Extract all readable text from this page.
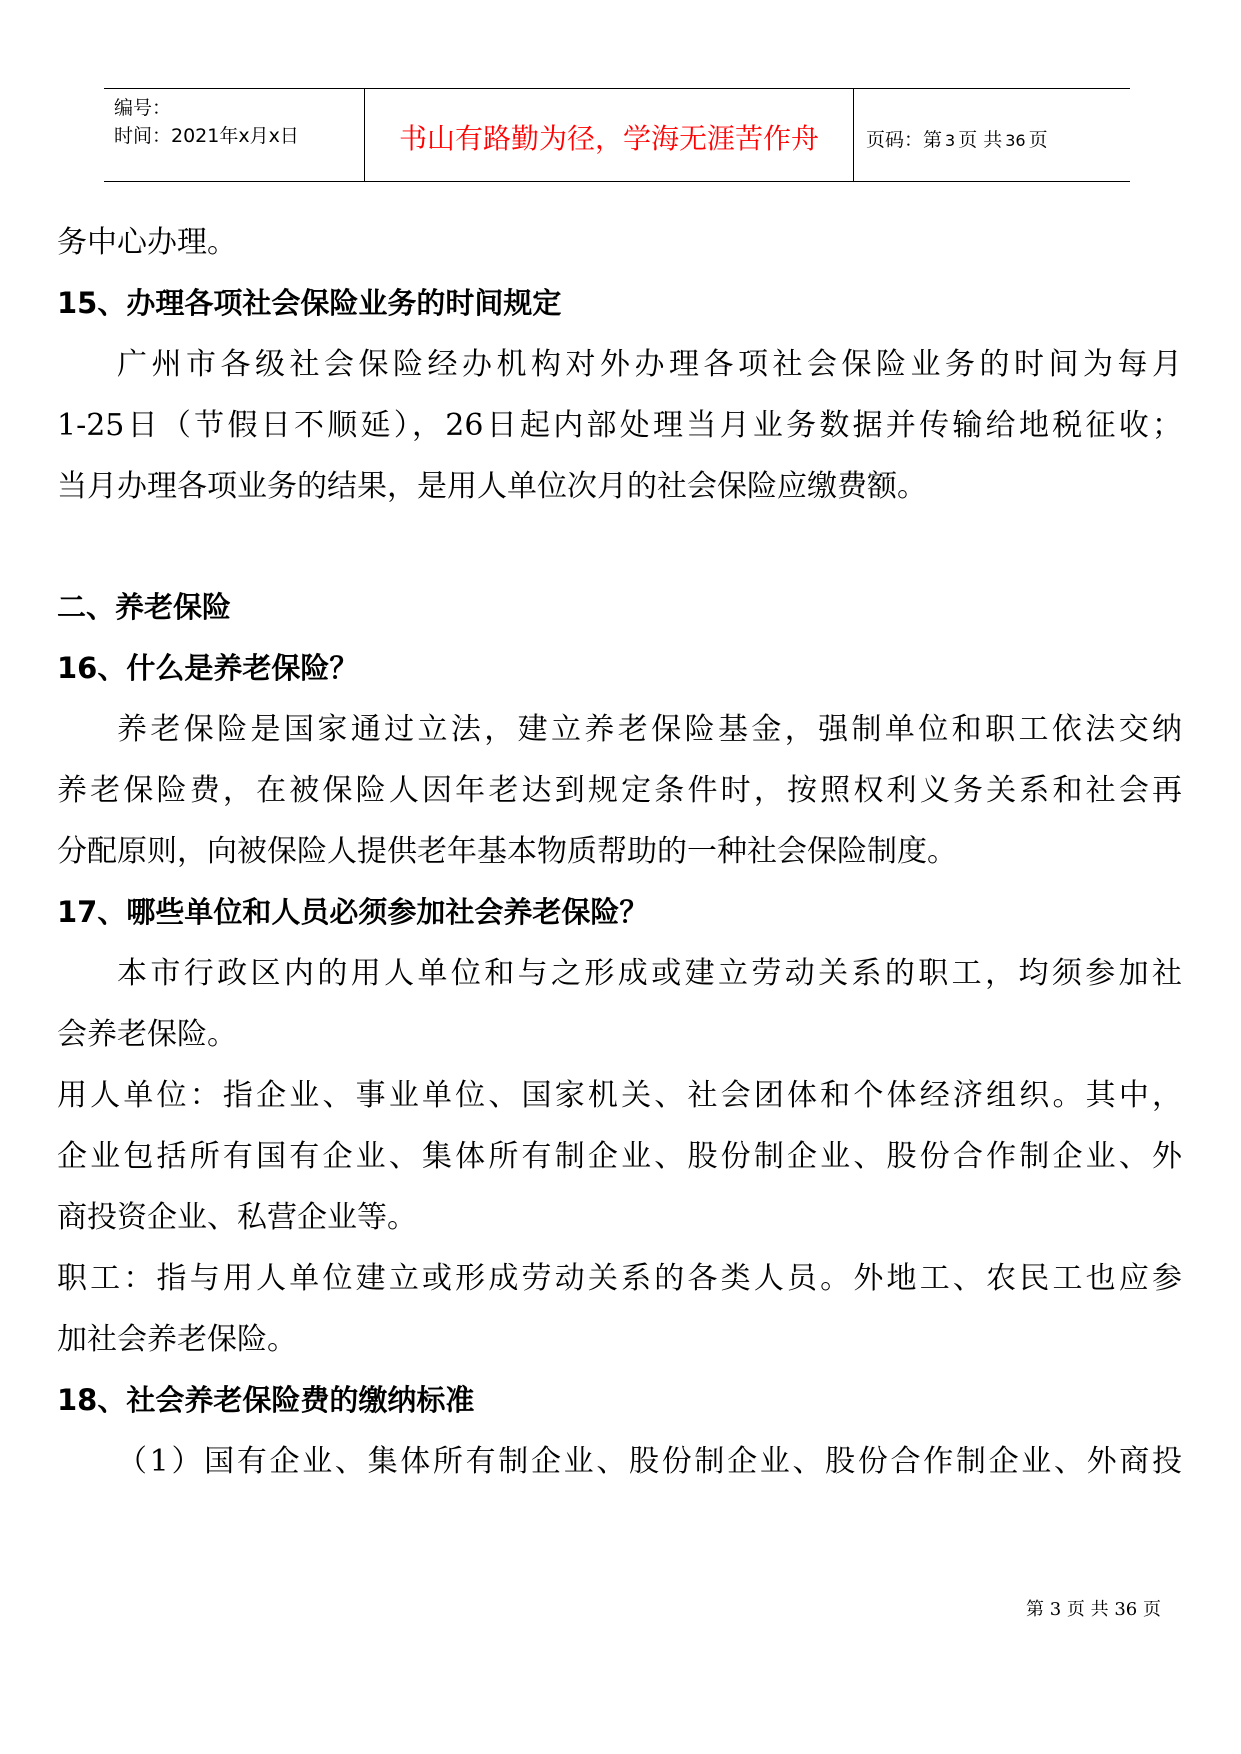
编号：
时间：2021年x月x日	书山有路勤为径，学海无涯苦作舟	页码：第 3 页 共 36 页
务中心办理。
15、办理各项社会保险业务的时间规定
广州市各级社会保险经办机构对外办理各项社会保险业务的时间为每月
1-25日（节假日不顺延），26日起内部处理当月业务数据并传输给地税征收；
当月办理各项业务的结果，是用人单位次月的社会保险应缴费额。
二、养老保险
16、什么是养老保险？
养老保险是国家通过立法，建立养老保险基金，强制单位和职工依法交纳
养老保险费，在被保险人因年老达到规定条件时，按照权利义务关系和社会再
分配原则，向被保险人提供老年基本物质帮助的一种社会保险制度。
17、哪些单位和人员必须参加社会养老保险？
本市行政区内的用人单位和与之形成或建立劳动关系的职工，均须参加社
会养老保险。
用人单位：指企业、事业单位、国家机关、社会团体和个体经济组织。其中，
企业包括所有国有企业、集体所有制企业、股份制企业、股份合作制企业、外
商投资企业、私营企业等。
职工：指与用人单位建立或形成劳动关系的各类人员。外地工、农民工也应参
加社会养老保险。
18、社会养老保险费的缴纳标准
（1）国有企业、集体所有制企业、股份制企业、股份合作制企业、外商投
第 3 页 共 36 页
